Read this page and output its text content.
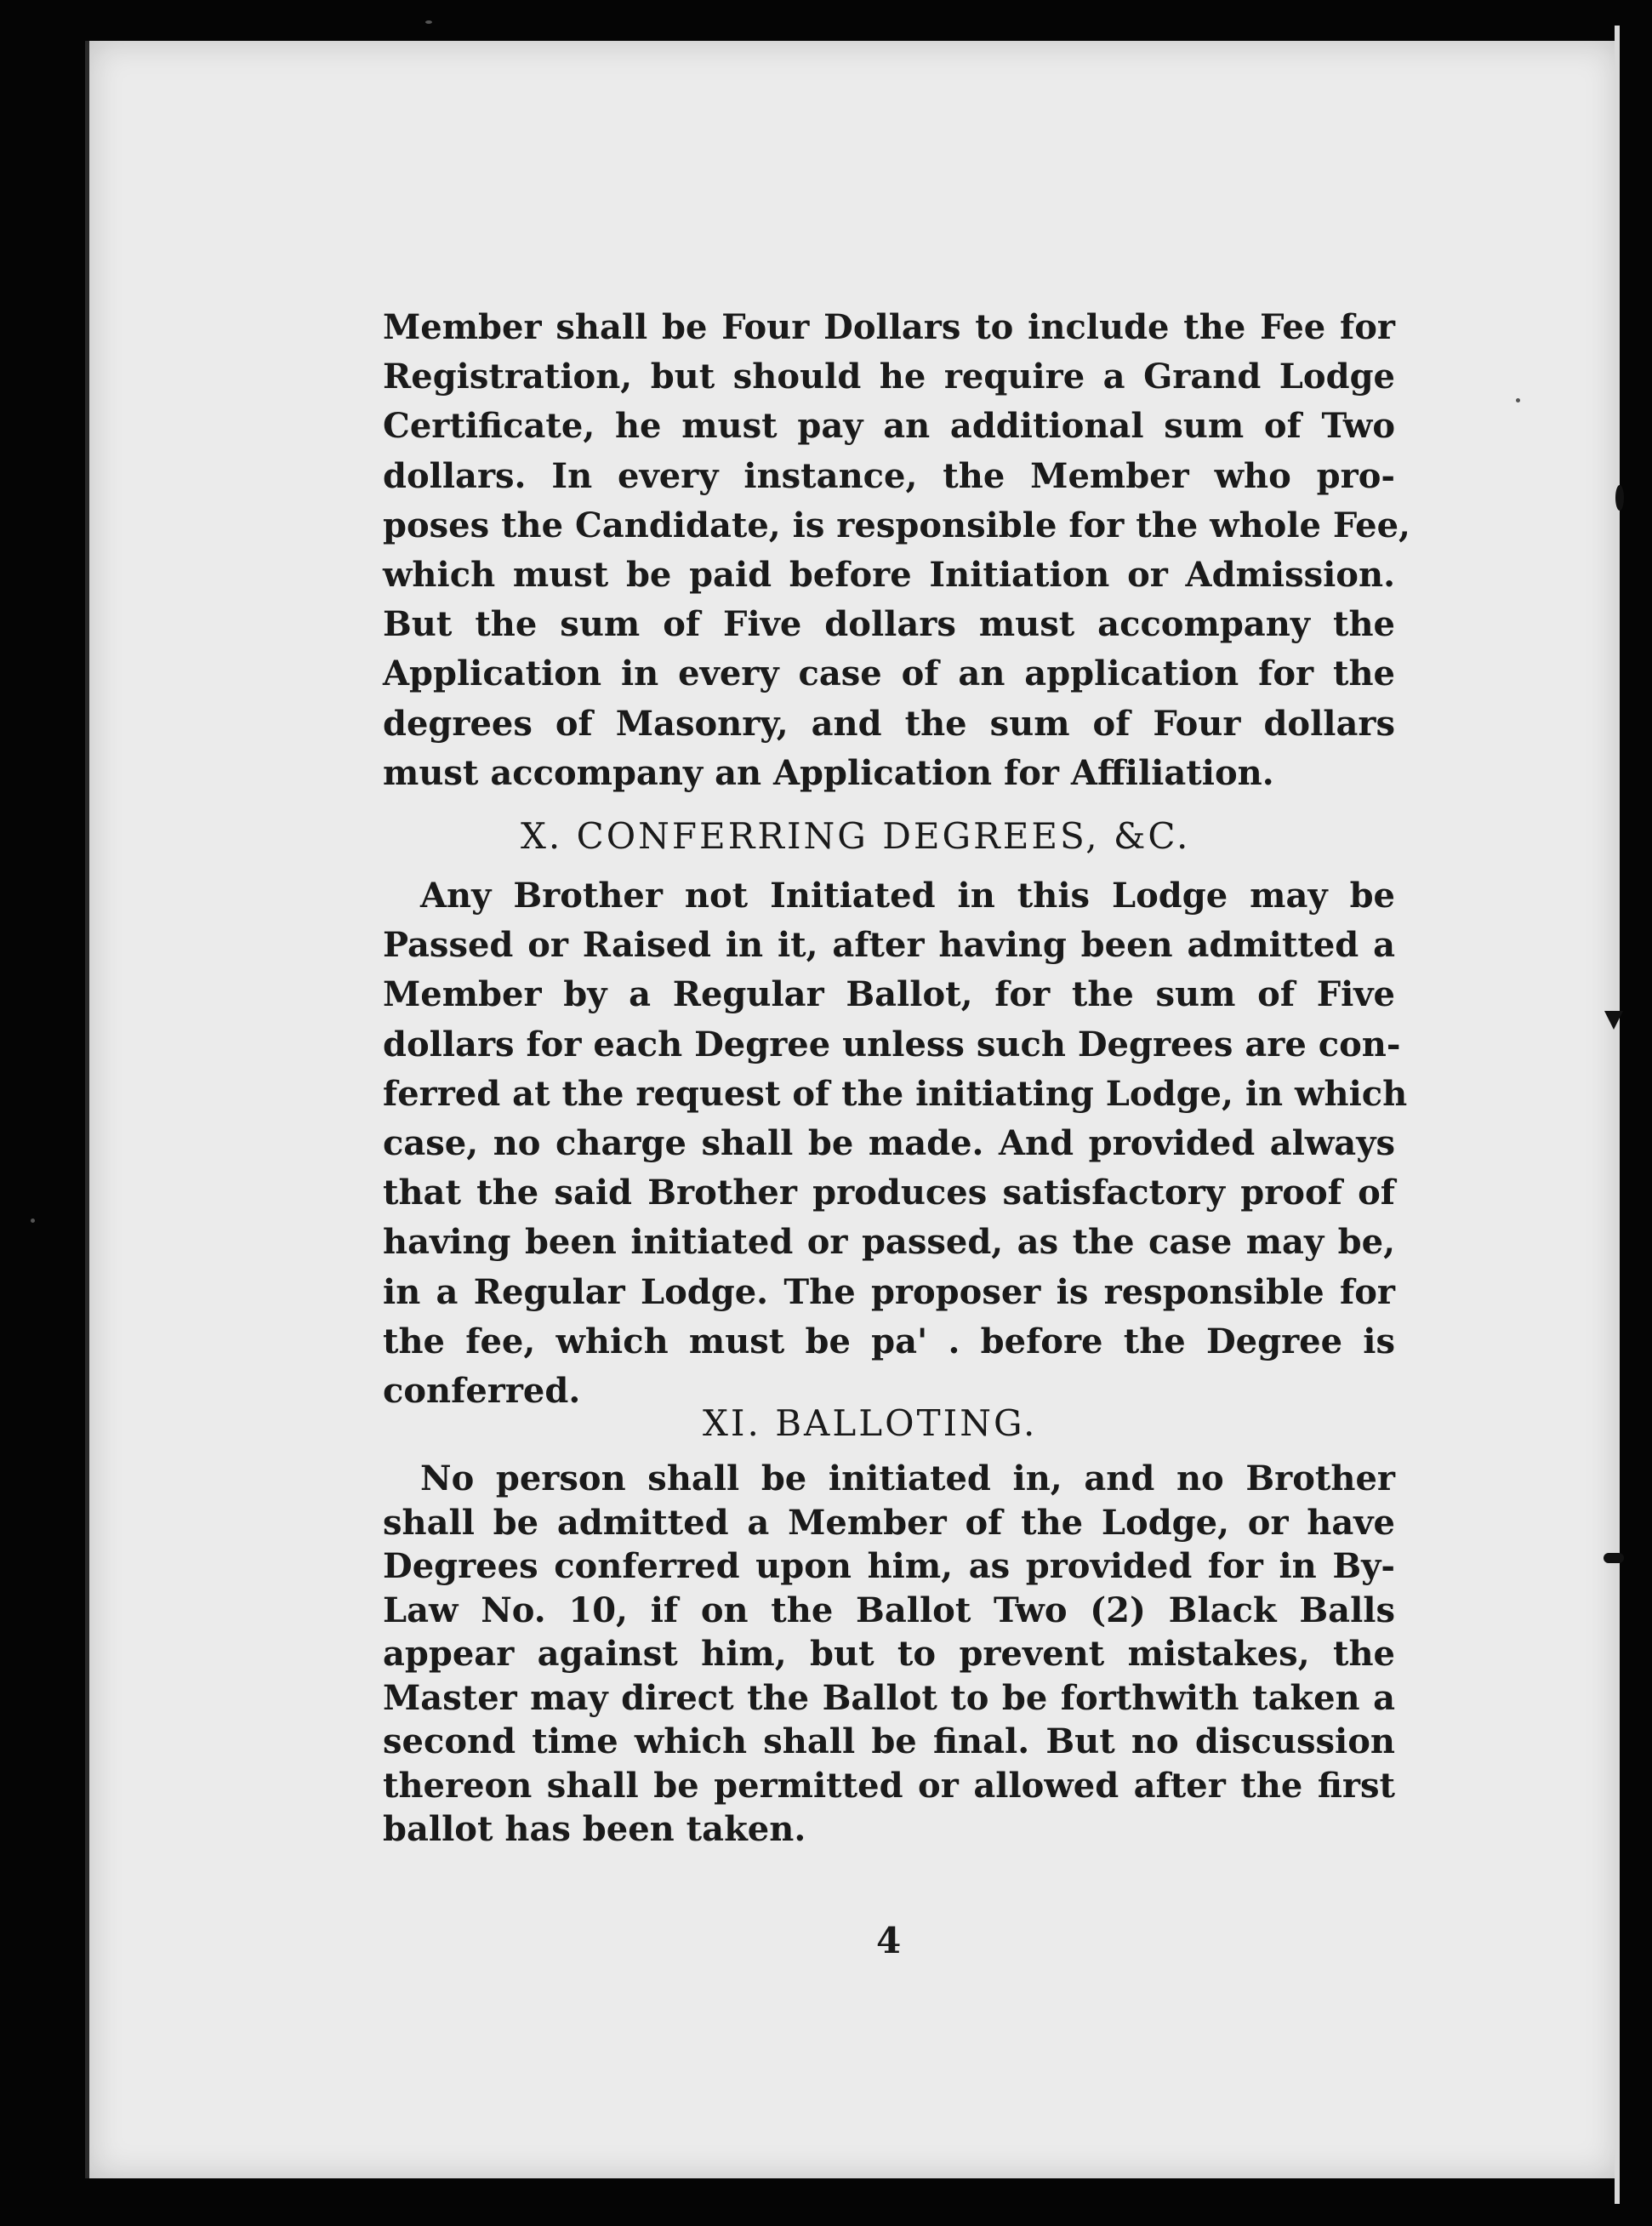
Member shall be Four Dollars to include the Fee for
Registration, but should he require a Grand Lodge
Certificate, he must pay an additional sum of Two
dollars. In every instance, the Member who pro-
poses the Candidate, is responsible for the whole Fee,
which must be paid before Initiation or Admission.
But the sum of Five dollars must accompany the
Application in every case of an application for the
degrees of Masonry, and the sum of Four dollars
must accompany an Application for Affiliation.
X. CONFERRING DEGREES, &C.
Any Brother not Initiated in this Lodge may be
Passed or Raised in it, after having been admitted a
Member by a Regular Ballot, for the sum of Five
dollars for each Degree unless such Degrees are con-
ferred at the request of the initiating Lodge, in which
case, no charge shall be made. And provided always
that the said Brother produces satisfactory proof of
having been initiated or passed, as the case may be,
in a Regular Lodge. The proposer is responsible for
the fee, which must be pa' . before the Degree is
conferred.
XI. BALLOTING.
No person shall be initiated in, and no Brother
shall be admitted a Member of the Lodge, or have
Degrees conferred upon him, as provided for in By-
Law No. 10, if on the Ballot Two (2) Black Balls
appear against him, but to prevent mistakes, the
Master may direct the Ballot to be forthwith taken a
second time which shall be final. But no discussion
thereon shall be permitted or allowed after the first
ballot has been taken.
4
